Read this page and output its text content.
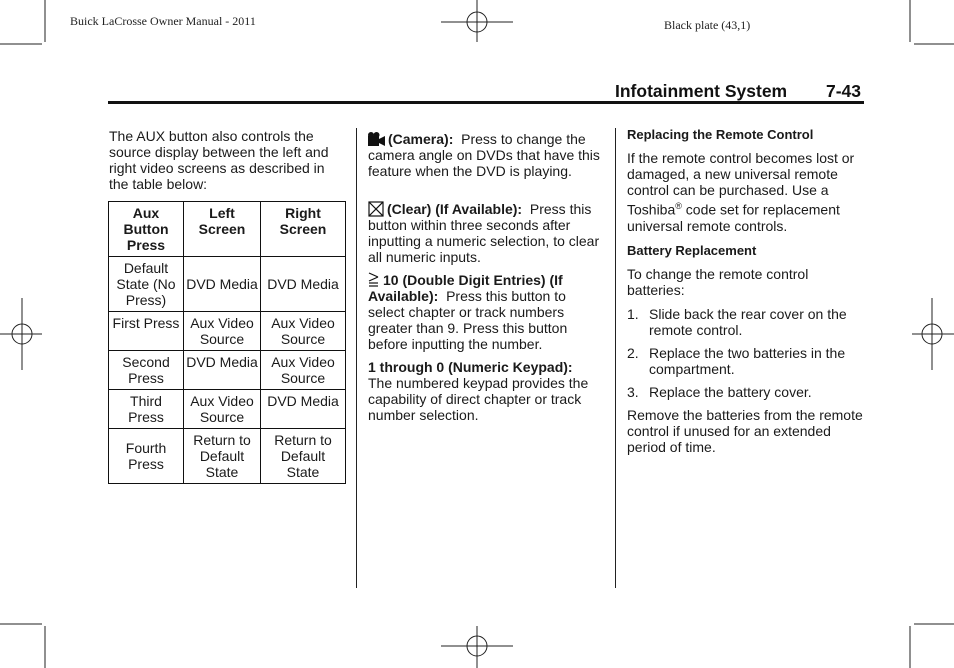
Buick LaCrosse Owner Manual - 2011	Black plate (43,1)
Infotainment System 7-43
The AUX button also controls the source display between the left and right video screens as described in the table below:
Aux Button Press	Left Screen	Right Screen
Default State (No Press)	DVD Media	DVD Media
First Press	Aux Video Source	Aux Video Source
Second Press	DVD Media	Aux Video Source
Third Press	Aux Video Source	DVD Media
Fourth Press	Return to Default State	Return to Default State
(Camera): Press to change the camera angle on DVDs that have this feature when the DVD is playing.
(Clear) (If Available): Press this button within three seconds after inputting a numeric selection, to clear all numeric inputs.
10 (Double Digit Entries) (If Available): Press this button to select chapter or track numbers greater than 9. Press this button before inputting the number.
1 through 0 (Numeric Keypad):
The numbered keypad provides the capability of direct chapter or track number selection.
Replacing the Remote Control
If the remote control becomes lost or damaged, a new universal remote control can be purchased. Use a Toshiba® code set for replacement universal remote controls.
Battery Replacement
To change the remote control batteries:
1. Slide back the rear cover on the remote control.
2. Replace the two batteries in the compartment.
3. Replace the battery cover.
Remove the batteries from the remote control if unused for an extended period of time.
